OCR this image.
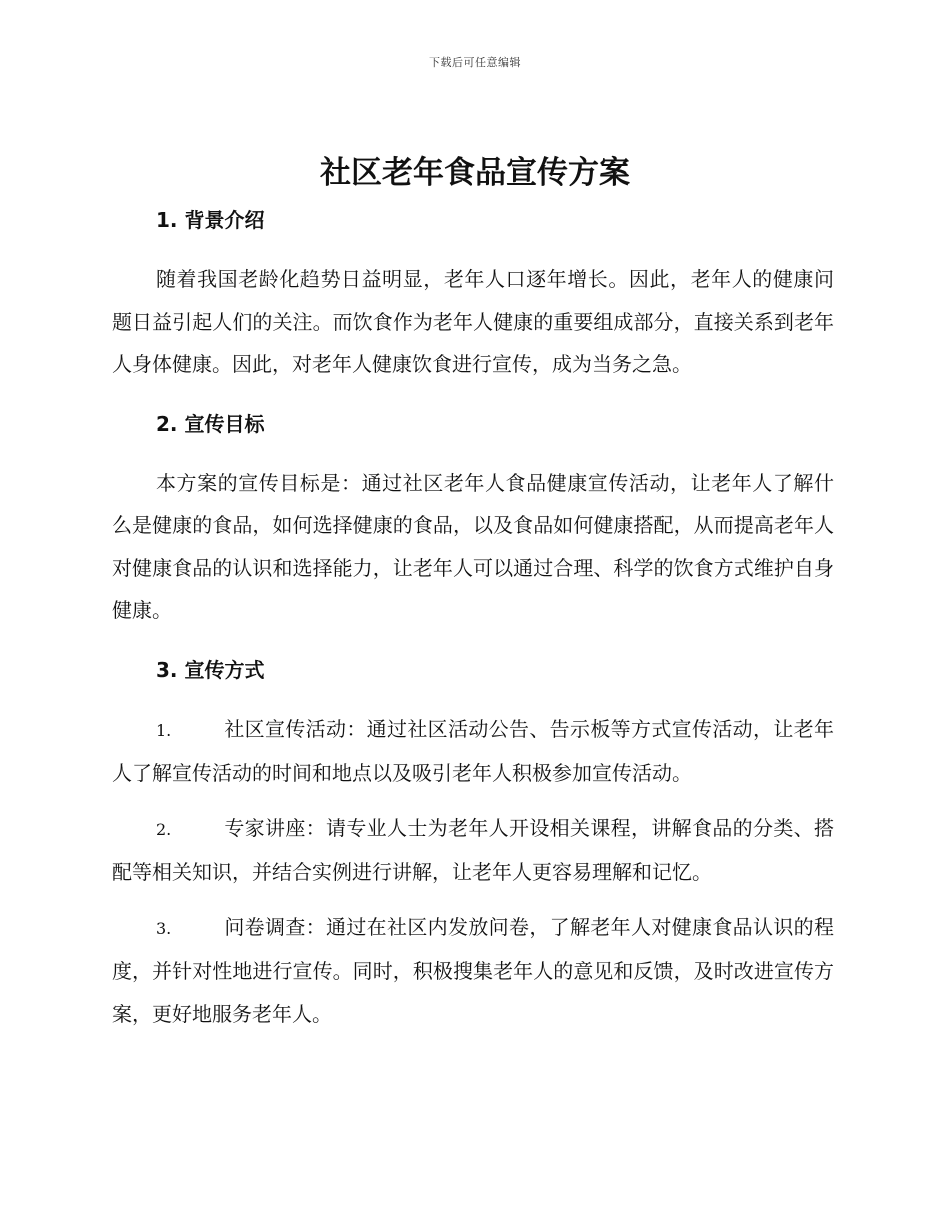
下载后可任意编辑
社区老年食品宣传方案
1. 背景介绍

随着我国老龄化趋势日益明显，老年人口逐年增长。因此，老年人的健康问题日益引起人们的关注。而饮食作为老年人健康的重要组成部分，直接关系到老年人身体健康。因此，对老年人健康饮食进行宣传，成为当务之急。

2. 宣传目标

本方案的宣传目标是：通过社区老年人食品健康宣传活动，让老年人了解什么是健康的食品，如何选择健康的食品，以及食品如何健康搭配，从而提高老年人对健康食品的认识和选择能力，让老年人可以通过合理、科学的饮食方式维护自身健康。

3. 宣传方式

1.	社区宣传活动：通过社区活动公告、告示板等方式宣传活动，让老年人了解宣传活动的时间和地点以及吸引老年人积极参加宣传活动。

2.	专家讲座：请专业人士为老年人开设相关课程，讲解食品的分类、搭配等相关知识，并结合实例进行讲解，让老年人更容易理解和记忆。

3.	问卷调查：通过在社区内发放问卷，了解老年人对健康食品认识的程度，并针对性地进行宣传。同时，积极搜集老年人的意见和反馈，及时改进宣传方案，更好地服务老年人。
